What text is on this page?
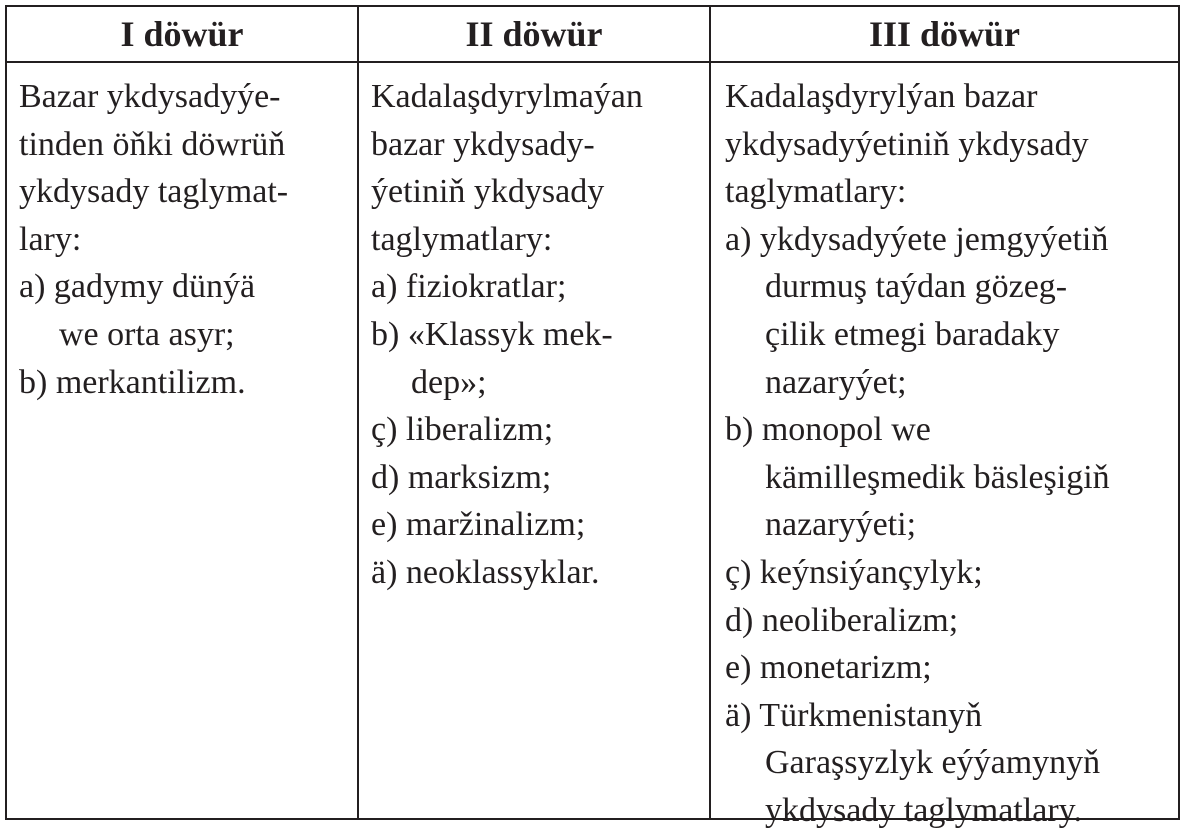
I döwür	II döwür	III döwür
Bazar ykdysadyýe-
tinden öňki döwrüň
ykdysady taglymat-
lary:
a) gadymy dünýä
we orta asyr;
b) merkantilizm.
Kadalaşdyrylmaýan
bazar ykdysady-
ýetiniň ykdysady
taglymatlary:
a) fiziokratlar;
b) «Klassyk mek-
dep»;
ç) liberalizm;
d) marksizm;
e) maržinalizm;
ä) neoklassyklar.
Kadalaşdyrylýan bazar
ykdysadyýetiniň ykdysady
taglymatlary:
a) ykdysadyýete jemgyýetiň
durmuş taýdan gözeg-
çilik etmegi baradaky
nazaryýet;
b) monopol we
kämilleşmedik bäsleşigiň
nazaryýeti;
ç) keýnsiýançylyk;
d) neoliberalizm;
e) monetarizm;
ä) Türkmenistanyň
Garaşsyzlyk eýýamynyň
ykdysady taglymatlary.
